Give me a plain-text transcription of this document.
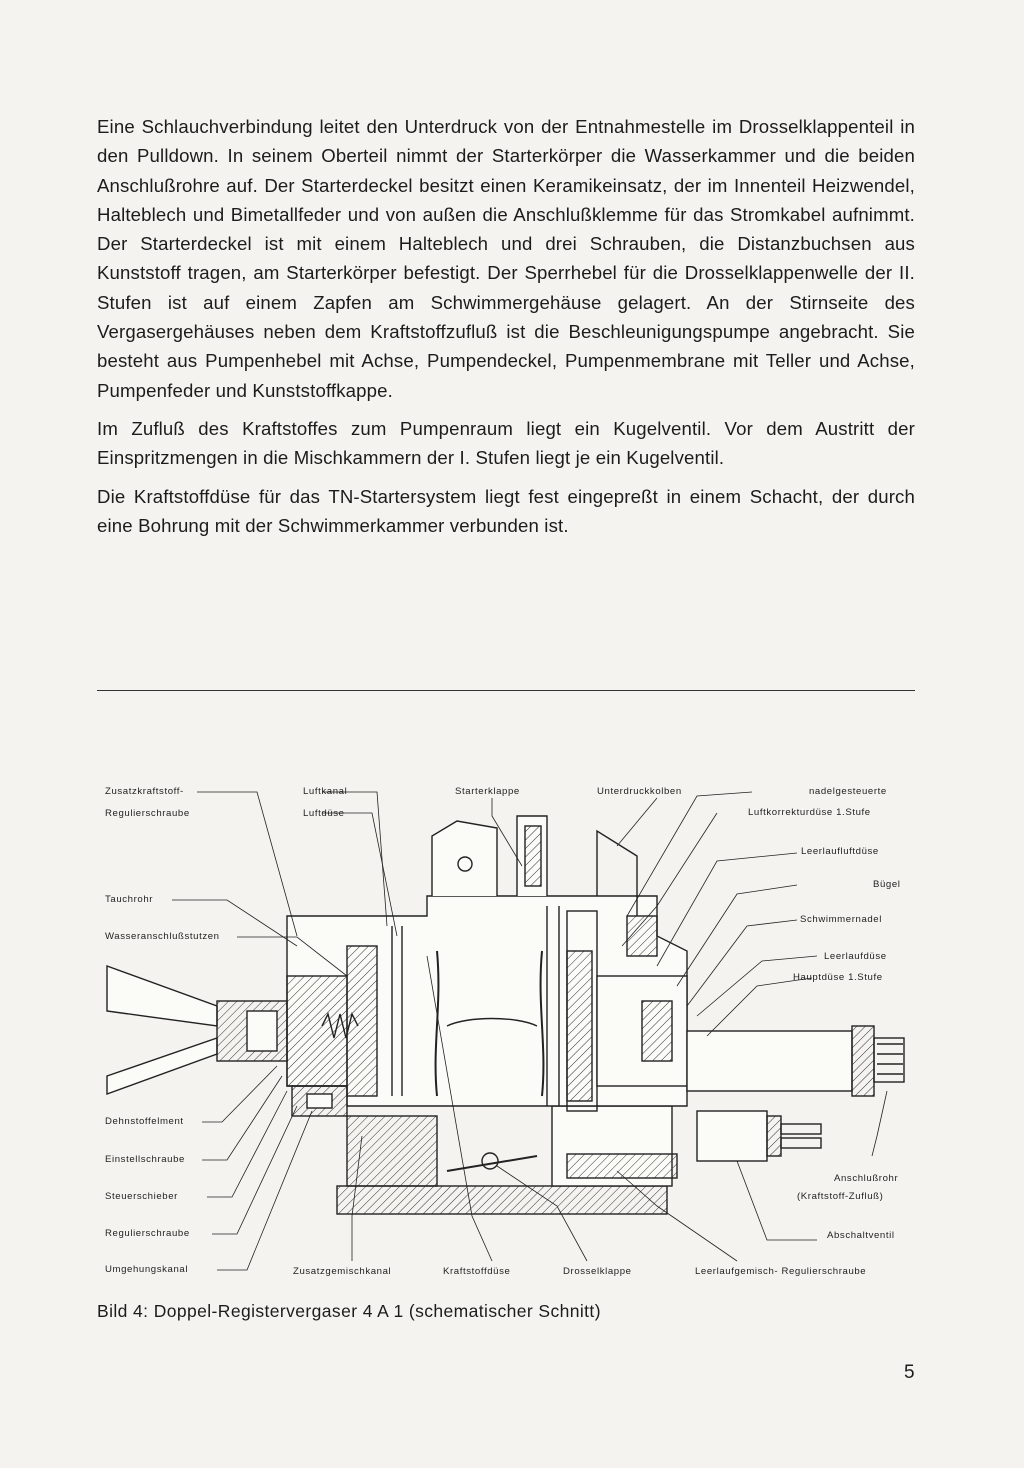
Eine Schlauchverbindung leitet den Unterdruck von der Entnahmestelle im Drosselklappenteil in den Pulldown. In seinem Oberteil nimmt der Starterkörper die Wasserkammer und die beiden Anschlußrohre auf. Der Starterdeckel besitzt einen Keramikeinsatz, der im Innenteil Heizwendel, Halteblech und Bimetallfeder und von außen die Anschlußklemme für das Stromkabel aufnimmt. Der Starterdeckel ist mit einem Halteblech und drei Schrauben, die Distanzbuchsen aus Kunststoff tragen, am Starterkörper befestigt. Der Sperrhebel für die Drosselklappenwelle der II. Stufen ist auf einem Zapfen am Schwimmergehäuse gelagert. An der Stirnseite des Vergasergehäuses neben dem Kraftstoffzufluß ist die Beschleunigungspumpe angebracht. Sie besteht aus Pumpenhebel mit Achse, Pumpendeckel, Pumpenmembrane mit Teller und Achse, Pumpenfeder und Kunststoffkappe.

Im Zufluß des Kraftstoffes zum Pumpenraum liegt ein Kugelventil. Vor dem Austritt der Einspritzmengen in die Mischkammern der I. Stufen liegt je ein Kugelventil.

Die Kraftstoffdüse für das TN-Startersystem liegt fest eingepreßt in einem Schacht, der durch eine Bohrung mit der Schwimmerkammer verbunden ist.

Zusatzkraftstoff-
Regulierschraube
Luftkanal
Luftdüse
Starterklappe	Unterdruckkolben	nadelgesteuerte
Luftkorrekturdüse 1.Stufe
Leerlaufluftdüse
Bügel
Schwimmernadel
Leerlaufdüse
Hauptdüse 1.Stufe
Tauchrohr
Wasseranschlußstutzen
Dehnstoffelment
Einstellschraube
Steuerschieber
Regulierschraube
Umgehungskanal	Zusatzgemischkanal	Kraftstoffdüse	Drosselklappe	Leerlaufgemisch- Regulierschraube
Anschlußrohr
(Kraftstoff-Zufluß)
Abschaltventil
Bild 4: Doppel-Registervergaser 4 A 1 (schematischer Schnitt)
5
